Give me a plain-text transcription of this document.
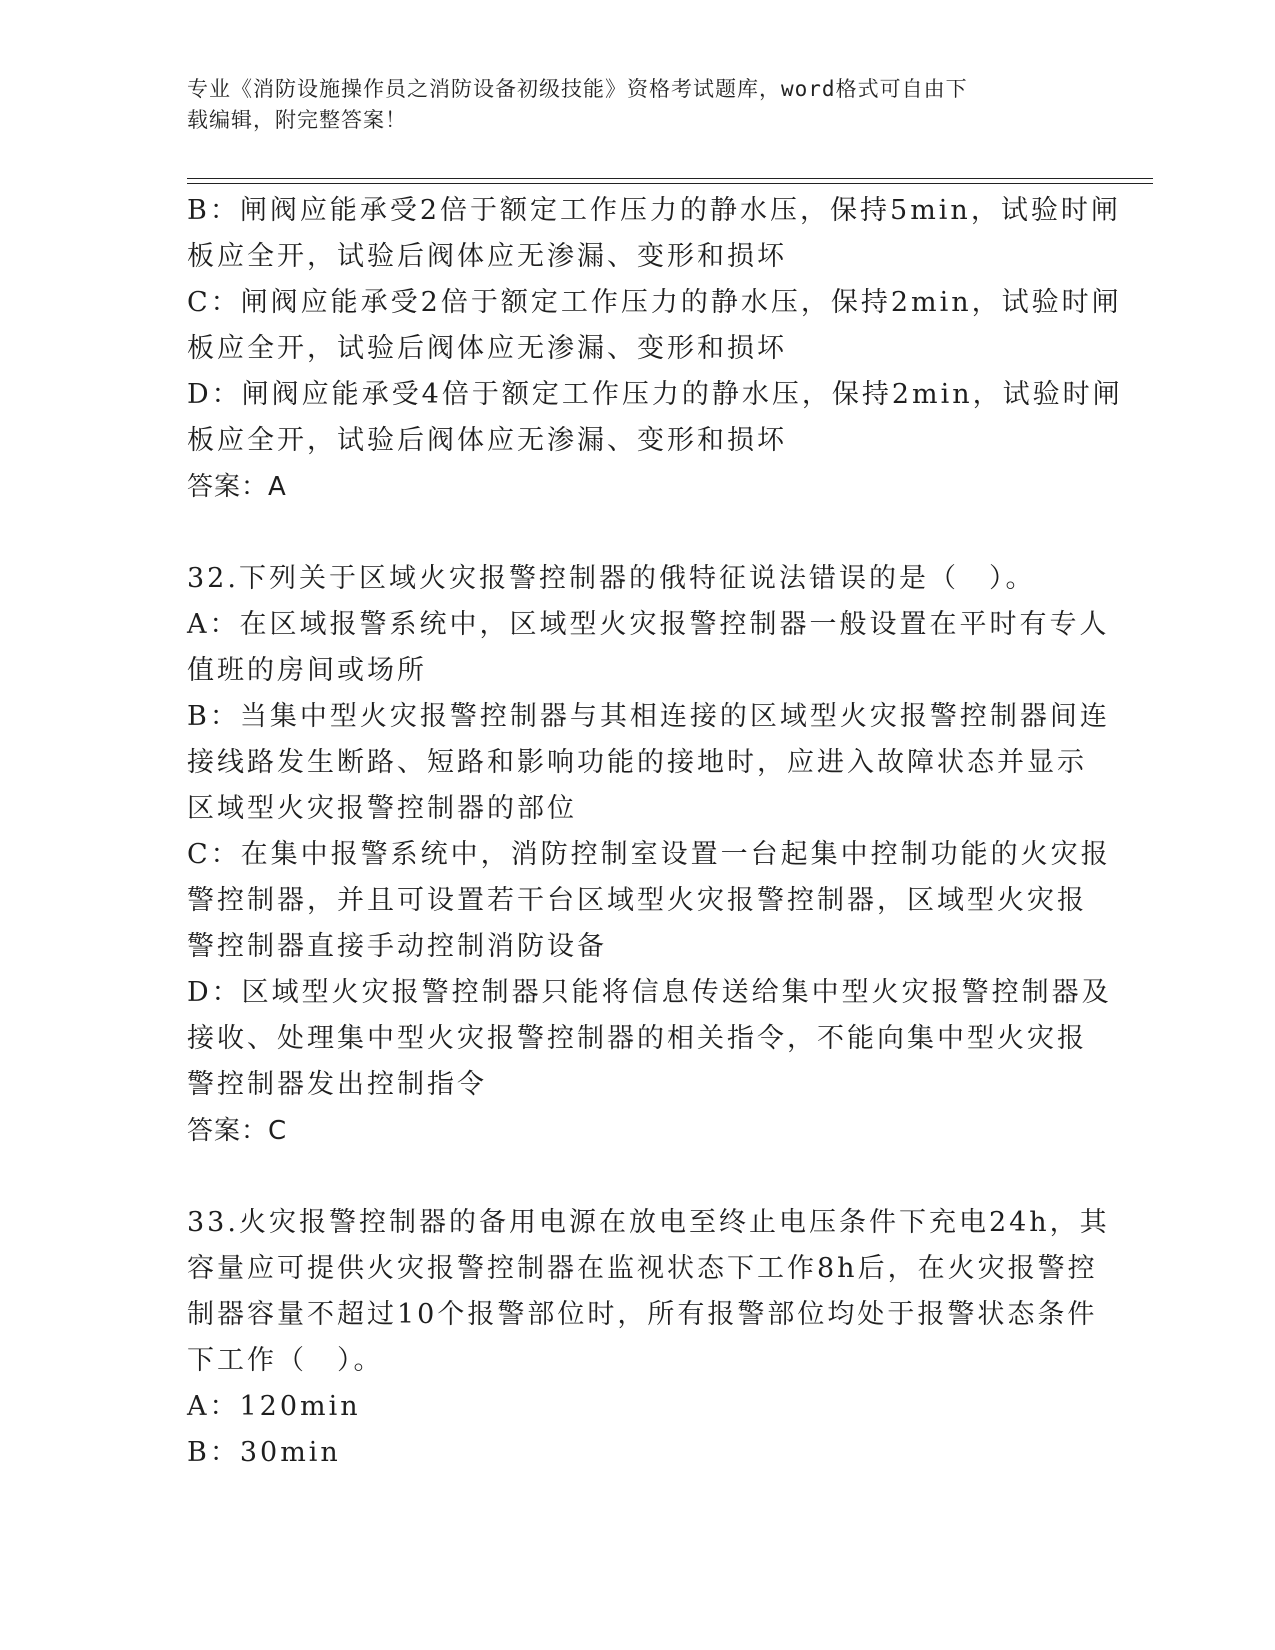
专业《消防设施操作员之消防设备初级技能》资格考试题库，word格式可自由下
载编辑，附完整答案！
B：闸阀应能承受2倍于额定工作压力的静水压，保持5min，试验时闸
板应全开，试验后阀体应无渗漏、变形和损坏
C：闸阀应能承受2倍于额定工作压力的静水压，保持2min，试验时闸
板应全开，试验后阀体应无渗漏、变形和损坏
D：闸阀应能承受4倍于额定工作压力的静水压，保持2min，试验时闸
板应全开，试验后阀体应无渗漏、变形和损坏
答案：A
32.下列关于区域火灾报警控制器的俄特征说法错误的是（　）。
A：在区域报警系统中，区域型火灾报警控制器一般设置在平时有专人
值班的房间或场所
B：当集中型火灾报警控制器与其相连接的区域型火灾报警控制器间连
接线路发生断路、短路和影响功能的接地时，应进入故障状态并显示
区域型火灾报警控制器的部位
C：在集中报警系统中，消防控制室设置一台起集中控制功能的火灾报
警控制器，并且可设置若干台区域型火灾报警控制器，区域型火灾报
警控制器直接手动控制消防设备
D：区域型火灾报警控制器只能将信息传送给集中型火灾报警控制器及
接收、处理集中型火灾报警控制器的相关指令，不能向集中型火灾报
警控制器发出控制指令
答案：C
33.火灾报警控制器的备用电源在放电至终止电压条件下充电24h，其
容量应可提供火灾报警控制器在监视状态下工作8h后，在火灾报警控
制器容量不超过10个报警部位时，所有报警部位均处于报警状态条件
下工作（　）。
A：120min
B：30min
